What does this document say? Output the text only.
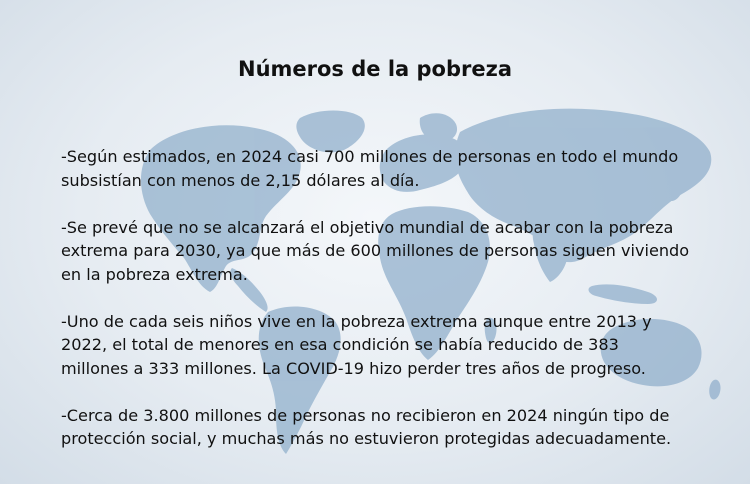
Números de la pobreza

-Según estimados, en 2024 casi 700 millones de personas en todo el mundo
subsistían con menos de 2,15 dólares al día.

-Se prevé que no se alcanzará el objetivo mundial de acabar con la pobreza
extrema para 2030, ya que más de 600 millones de personas siguen viviendo
en la pobreza extrema.

-Uno de cada seis niños vive en la pobreza extrema aunque entre 2013 y
2022, el total de menores en esa condición se había reducido de 383
millones a 333 millones. La COVID-19 hizo perder tres años de progreso.

-Cerca de 3.800 millones de personas no recibieron en 2024 ningún tipo de
protección social, y muchas más no estuvieron protegidas adecuadamente.
